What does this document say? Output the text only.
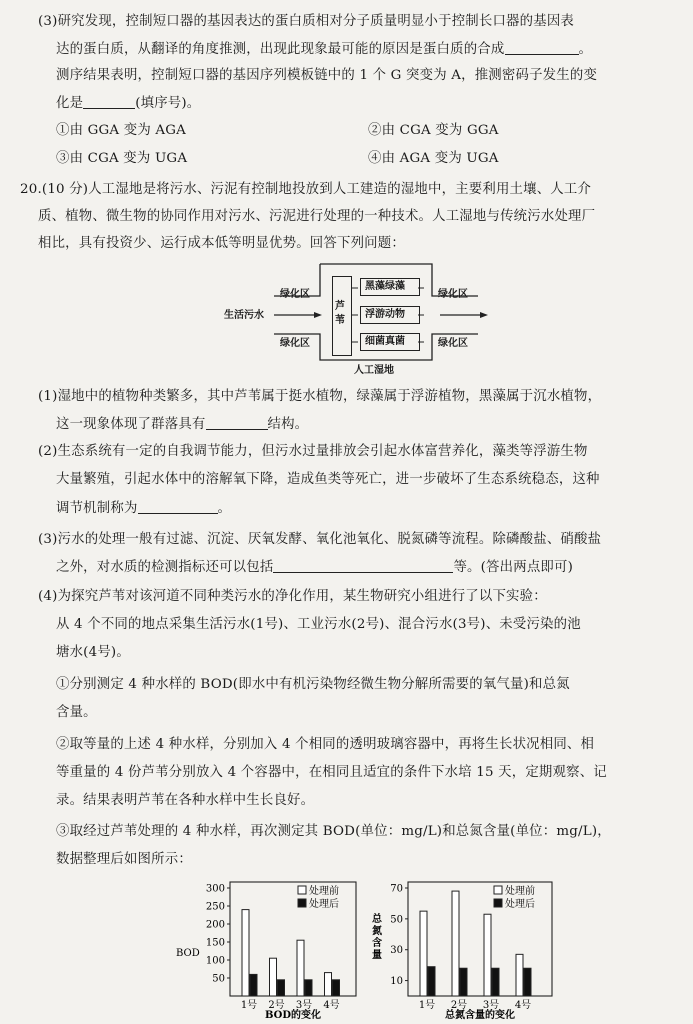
(3)研究发现，控制短口器的基因表达的蛋白质相对分子质量明显小于控制长口器的基因表
达的蛋白质，从翻译的角度推测，出现此现象最可能的原因是蛋白质的合成	。
测序结果表明，控制短口器的基因序列模板链中的 1 个 G 突变为 A，推测密码子发生的变
化是	(填序号)。
①由 GGA 变为 AGA	②由 CGA 变为 GGA
③由 CGA 变为 UGA	④由 AGA 变为 UGA
20.(10 分)人工湿地是将污水、污泥有控制地投放到人工建造的湿地中，主要利用土壤、人工介
质、植物、微生物的协同作用对污水、污泥进行处理的一种技术。人工湿地与传统污水处理厂
相比，具有投资少、运行成本低等明显优势。回答下列问题：
芦苇
黑藻绿藻
浮游动物
细菌真菌
绿化区
绿化区
绿化区
绿化区
生活污水
人工湿地
(1)湿地中的植物种类繁多，其中芦苇属于挺水植物，绿藻属于浮游植物，黑藻属于沉水植物，
这一现象体现了群落具有	结构。
(2)生态系统有一定的自我调节能力，但污水过量排放会引起水体富营养化，藻类等浮游生物
大量繁殖，引起水体中的溶解氧下降，造成鱼类等死亡，进一步破坏了生态系统稳态，这种
调节机制称为	。
(3)污水的处理一般有过滤、沉淀、厌氧发酵、氧化池氧化、脱氮磷等流程。除磷酸盐、硝酸盐
之外，对水质的检测指标还可以包括	等。(答出两点即可)
(4)为探究芦苇对该河道不同种类污水的净化作用，某生物研究小组进行了以下实验：
从 4 个不同的地点采集生活污水(1号)、工业污水(2号)、混合污水(3号)、未受污染的池
塘水(4号)。
①分别测定 4 种水样的 BOD(即水中有机污染物经微生物分解所需要的氧气量)和总氮
含量。
②取等量的上述 4 种水样，分别加入 4 个相同的透明玻璃容器中，再将生长状况相同、相
等重量的 4 份芦苇分别放入 4 个容器中，在相同且适宜的条件下水培 15 天，定期观察、记
录。结果表明芦苇在各种水样中生长良好。
③取经过芦苇处理的 4 种水样，再次测定其 BOD(单位：mg/L)和总氮含量(单位：mg/L)，
数据整理后如图所示：
50
100
150
200
250
300
BOD
1号 2号 3号 4号
处理前
处理后
BOD的变化
10
30
50
70
总
氮
含
量
1号 2号 3号 4号
处理前
处理后
总氮含量的变化
